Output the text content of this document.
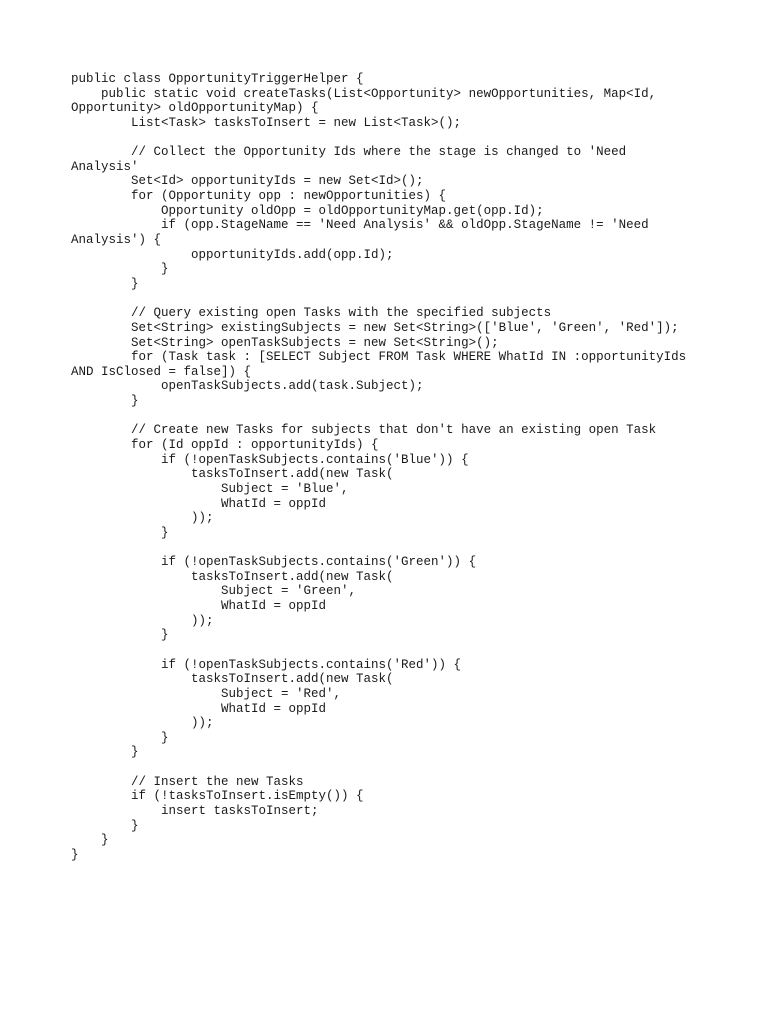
public class OpportunityTriggerHelper {
public static void createTasks(List<Opportunity> newOpportunities, Map<Id,
Opportunity> oldOpportunityMap) {
List<Task> tasksToInsert = new List<Task>();

// Collect the Opportunity Ids where the stage is changed to 'Need
Analysis'
Set<Id> opportunityIds = new Set<Id>();
for (Opportunity opp : newOpportunities) {
Opportunity oldOpp = oldOpportunityMap.get(opp.Id);
if (opp.StageName == 'Need Analysis' && oldOpp.StageName != 'Need
Analysis') {
opportunityIds.add(opp.Id);
}
}

// Query existing open Tasks with the specified subjects
Set<String> existingSubjects = new Set<String>(['Blue', 'Green', 'Red']);
Set<String> openTaskSubjects = new Set<String>();
for (Task task : [SELECT Subject FROM Task WHERE WhatId IN :opportunityIds
AND IsClosed = false]) {
openTaskSubjects.add(task.Subject);
}

// Create new Tasks for subjects that don't have an existing open Task
for (Id oppId : opportunityIds) {
if (!openTaskSubjects.contains('Blue')) {
tasksToInsert.add(new Task(
Subject = 'Blue',
WhatId = oppId
));
}

if (!openTaskSubjects.contains('Green')) {
tasksToInsert.add(new Task(
Subject = 'Green',
WhatId = oppId
));
}

if (!openTaskSubjects.contains('Red')) {
tasksToInsert.add(new Task(
Subject = 'Red',
WhatId = oppId
));
}
}

// Insert the new Tasks
if (!tasksToInsert.isEmpty()) {
insert tasksToInsert;
}
}
}
